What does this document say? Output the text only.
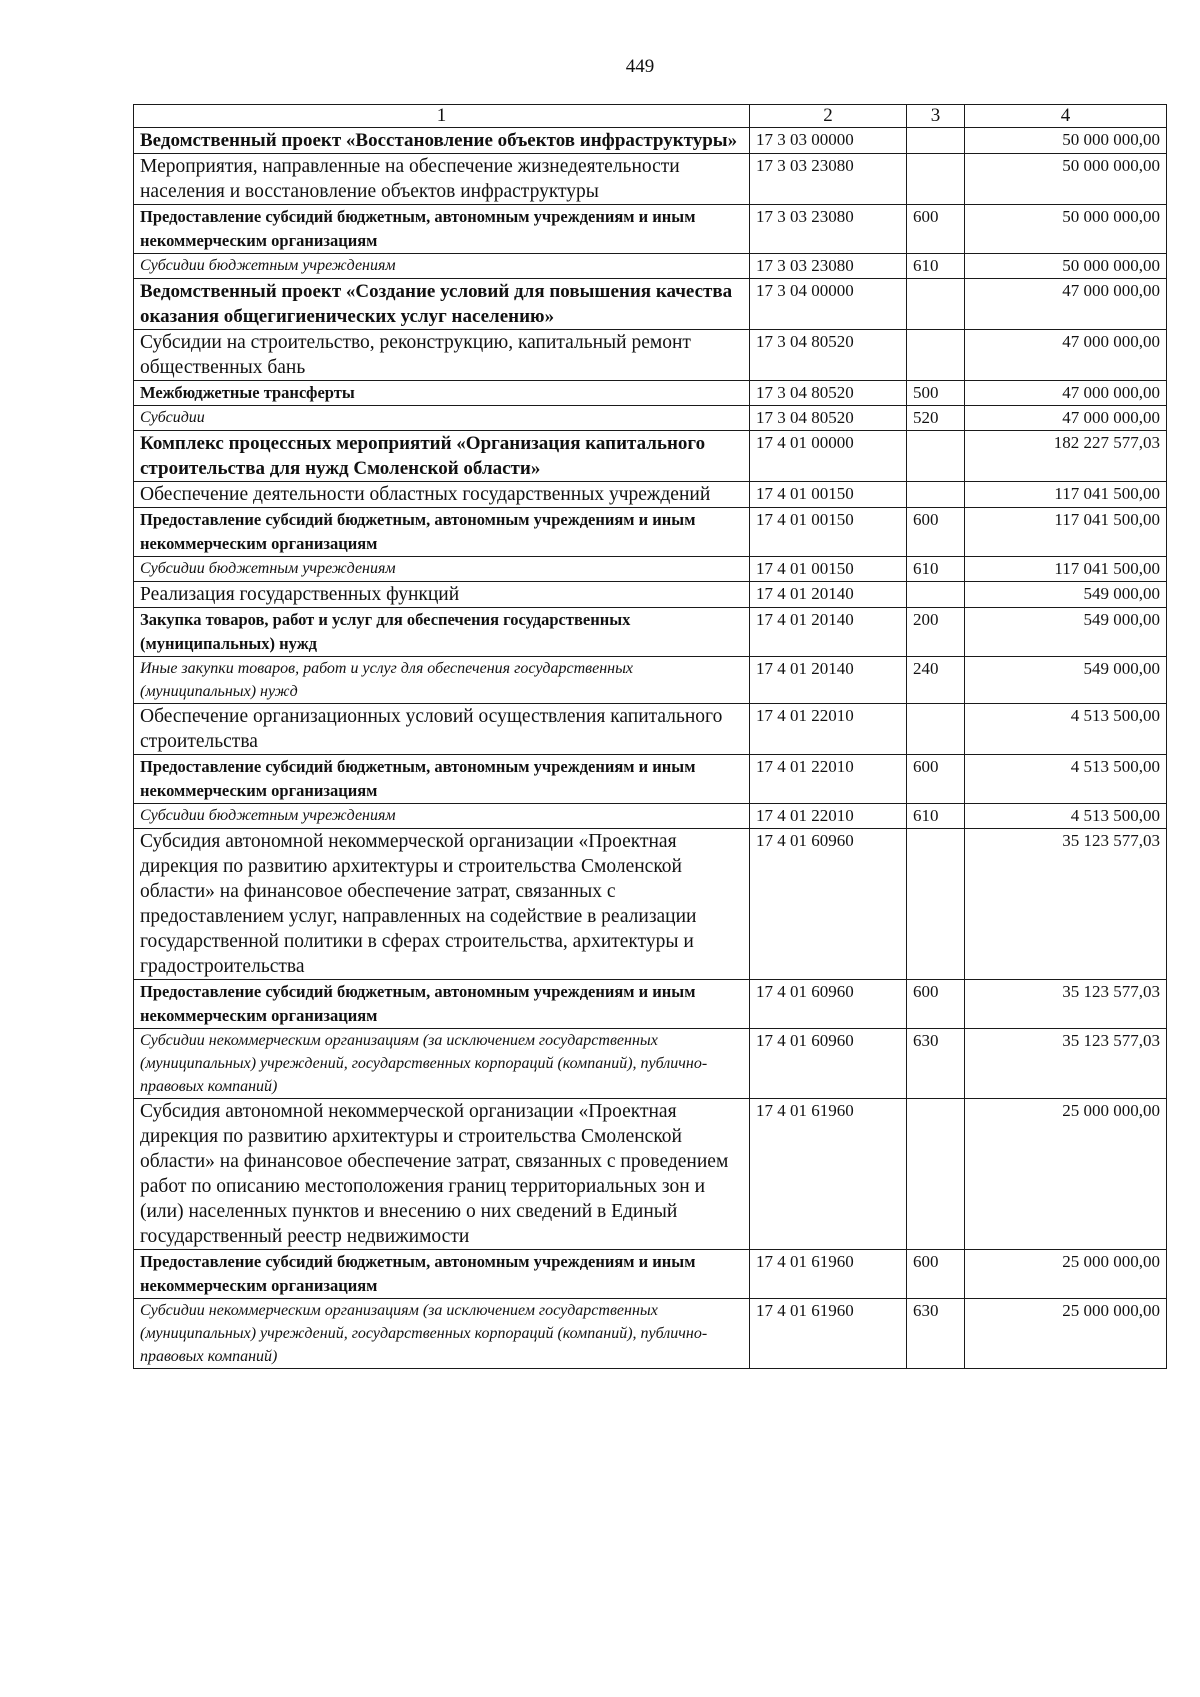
449
1	2	3	4
Ведомственный проект «Восстановление объектов инфраструктуры»	17 3 03 00000		50 000 000,00
Мероприятия, направленные на обеспечение жизнедеятельности населения и восстановление объектов инфраструктуры	17 3 03 23080		50 000 000,00
Предоставление субсидий бюджетным, автономным учреждениям и иным некоммерческим организациям	17 3 03 23080	600	50 000 000,00
Субсидии бюджетным учреждениям	17 3 03 23080	610	50 000 000,00
Ведомственный проект «Создание условий для повышения качества оказания общегигиенических услуг населению»	17 3 04 00000		47 000 000,00
Субсидии на строительство, реконструкцию, капитальный ремонт общественных бань	17 3 04 80520		47 000 000,00
Межбюджетные трансферты	17 3 04 80520	500	47 000 000,00
Субсидии	17 3 04 80520	520	47 000 000,00
Комплекс процессных мероприятий «Организация капитального строительства для нужд Смоленской области»	17 4 01 00000		182 227 577,03
Обеспечение деятельности областных государственных учреждений	17 4 01 00150		117 041 500,00
Предоставление субсидий бюджетным, автономным учреждениям и иным некоммерческим организациям	17 4 01 00150	600	117 041 500,00
Субсидии бюджетным учреждениям	17 4 01 00150	610	117 041 500,00
Реализация государственных функций	17 4 01 20140		549 000,00
Закупка товаров, работ и услуг для обеспечения государственных (муниципальных) нужд	17 4 01 20140	200	549 000,00
Иные закупки товаров, работ и услуг для обеспечения государственных (муниципальных) нужд	17 4 01 20140	240	549 000,00
Обеспечение организационных условий осуществления капитального строительства	17 4 01 22010		4 513 500,00
Предоставление субсидий бюджетным, автономным учреждениям и иным некоммерческим организациям	17 4 01 22010	600	4 513 500,00
Субсидии бюджетным учреждениям	17 4 01 22010	610	4 513 500,00
Субсидия автономной некоммерческой организации «Проектная дирекция по развитию архитектуры и строительства Смоленской области» на финансовое обеспечение затрат, связанных с предоставлением услуг, направленных на содействие в реализации государственной политики в сферах строительства, архитектуры и градостроительства	17 4 01 60960		35 123 577,03
Предоставление субсидий бюджетным, автономным учреждениям и иным некоммерческим организациям	17 4 01 60960	600	35 123 577,03
Субсидии некоммерческим организациям (за исключением государственных (муниципальных) учреждений, государственных корпораций (компаний), публично-правовых компаний)	17 4 01 60960	630	35 123 577,03
Субсидия автономной некоммерческой организации «Проектная дирекция по развитию архитектуры и строительства Смоленской области» на финансовое обеспечение затрат, связанных с проведением работ по описанию местоположения границ территориальных зон и (или) населенных пунктов и внесению о них сведений в Единый государственный реестр недвижимости	17 4 01 61960		25 000 000,00
Предоставление субсидий бюджетным, автономным учреждениям и иным некоммерческим организациям	17 4 01 61960	600	25 000 000,00
Субсидии некоммерческим организациям (за исключением государственных (муниципальных) учреждений, государственных корпораций (компаний), публично-правовых компаний)	17 4 01 61960	630	25 000 000,00
